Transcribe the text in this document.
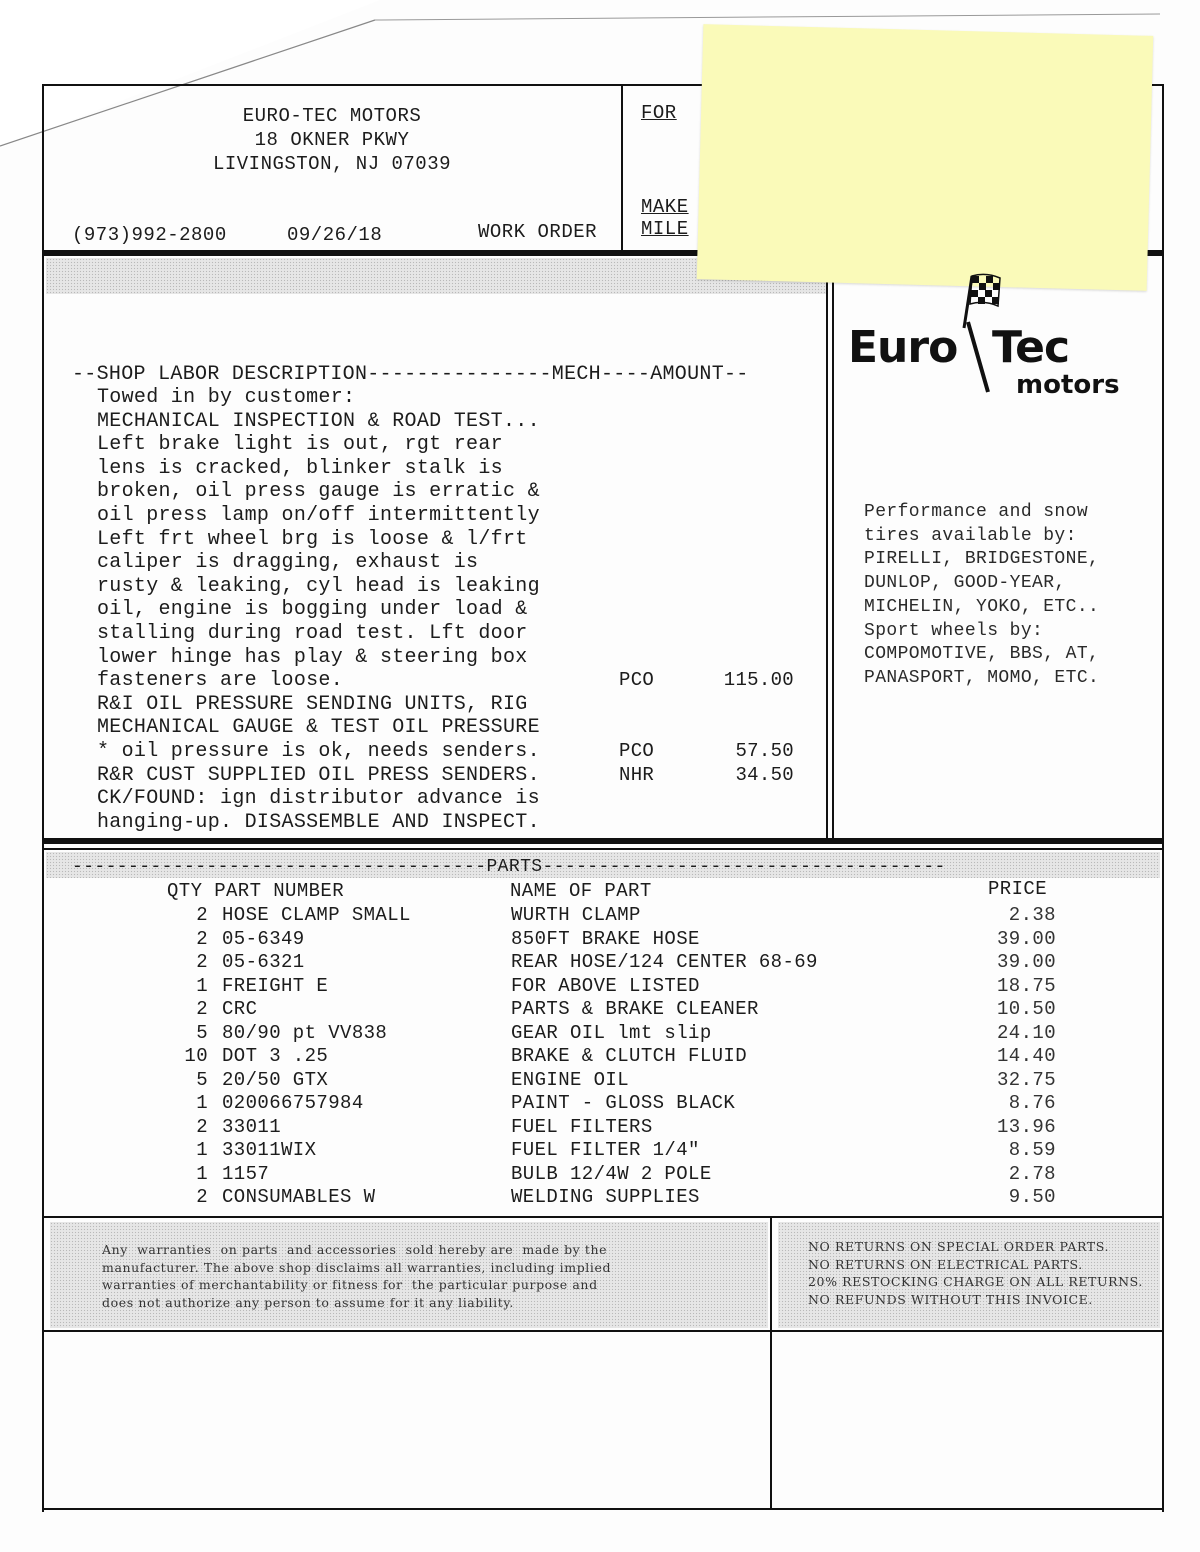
EURO-TEC MOTORS
18 OKNER PKWY
LIVINGSTON, NJ 07039
(973)992-2800	09/26/18	WORK ORDER
FOR
MAKE
MILE
--SHOP LABOR DESCRIPTION---------------MECH----AMOUNT--
Towed in by customer:
MECHANICAL INSPECTION & ROAD TEST...
Left brake light is out, rgt rear
lens is cracked, blinker stalk is
broken, oil press gauge is erratic &
oil press lamp on/off intermittently
Left frt wheel brg is loose & l/frt
caliper is dragging, exhaust is
rusty & leaking, cyl head is leaking
oil, engine is bogging under load &
stalling during road test. Lft door
lower hinge has play & steering box
fasteners are loose.	PCO	115.00
R&I OIL PRESSURE SENDING UNITS, RIG
MECHANICAL GAUGE & TEST OIL PRESSURE
* oil pressure is ok, needs senders.	PCO	57.50
R&R CUST SUPPLIED OIL PRESS SENDERS.	NHR	34.50
CK/FOUND: ign distributor advance is
hanging-up. DISASSEMBLE AND INSPECT.
Euro Tec
motors
Performance and snow
tires available by:
PIRELLI, BRIDGESTONE,
DUNLOP, GOOD-YEAR,
MICHELIN, YOKO, ETC..
Sport wheels by:
COMPOMOTIVE, BBS, AT,
PANASPORT, MOMO, ETC.
-------------------------------------PARTS------------------------------------
QTY PART NUMBER	NAME OF PART	PRICE
2 HOSE CLAMP SMALL	WURTH CLAMP	2.38
2 05-6349	850FT BRAKE HOSE	39.00
2 05-6321	REAR HOSE/124 CENTER 68-69	39.00
1 FREIGHT E	FOR ABOVE LISTED	18.75
2 CRC	PARTS & BRAKE CLEANER	10.50
5 80/90 pt VV838	GEAR OIL lmt slip	24.10
10 DOT 3 .25	BRAKE & CLUTCH FLUID	14.40
5 20/50 GTX	ENGINE OIL	32.75
1 020066757984	PAINT - GLOSS BLACK	8.76
2 33011	FUEL FILTERS	13.96
1 33011WIX	FUEL FILTER 1/4"	8.59
1 1157	BULB 12/4W 2 POLE	2.78
2 CONSUMABLES W	WELDING SUPPLIES	9.50
Any  warranties  on parts  and accessories  sold hereby are  made by the
manufacturer. The above shop disclaims all warranties, including implied
warranties of merchantability or fitness for  the particular purpose and
does not authorize any person to assume for it any liability.
NO RETURNS ON SPECIAL ORDER PARTS.
NO RETURNS ON ELECTRICAL PARTS.
20% RESTOCKING CHARGE ON ALL RETURNS.
NO REFUNDS WITHOUT THIS INVOICE.
